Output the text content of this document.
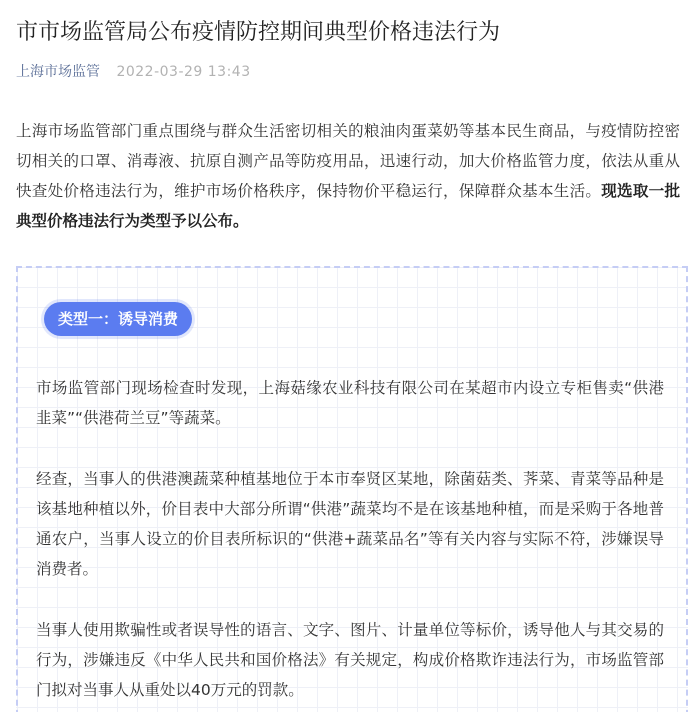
市市场监管局公布疫情防控期间典型价格违法行为
上海市场监管 2022-03-29 13:43
上海市场监管部门重点围绕与群众生活密切相关的粮油肉蛋菜奶等基本民生商品，与疫情防控密切相关的口罩、消毒液、抗原自测产品等防疫用品，迅速行动，加大价格监管力度，依法从重从快查处价格违法行为，维护市场价格秩序，保持物价平稳运行，保障群众基本生活。现选取一批典型价格违法行为类型予以公布。
类型一：诱导消费
市场监管部门现场检查时发现，上海菇缘农业科技有限公司在某超市内设立专柜售卖“供港韭菜”“供港荷兰豆”等蔬菜。
经查，当事人的供港澳蔬菜种植基地位于本市奉贤区某地，除菌菇类、荠菜、青菜等品种是该基地种植以外，价目表中大部分所谓“供港”蔬菜均不是在该基地种植，而是采购于各地普通农户，当事人设立的价目表所标识的“供港+蔬菜品名”等有关内容与实际不符，涉嫌误导消费者。
当事人使用欺骗性或者误导性的语言、文字、图片、计量单位等标价，诱导他人与其交易的行为，涉嫌违反《中华人民共和国价格法》有关规定，构成价格欺诈违法行为，市场监管部门拟对当事人从重处以40万元的罚款。
